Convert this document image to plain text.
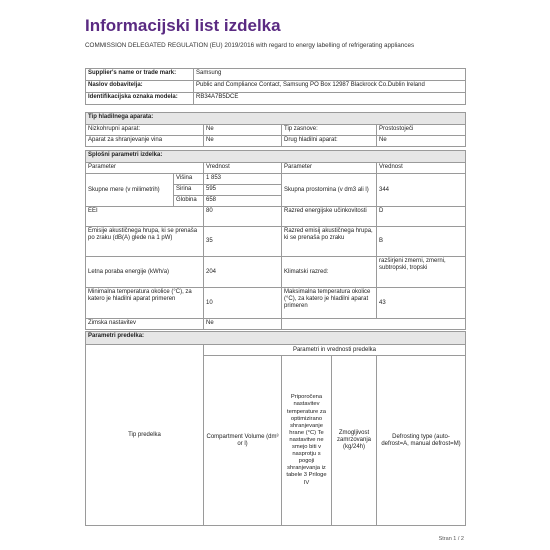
Informacijski list izdelka
COMMISSION DELEGATED REGULATION (EU) 2019/2016 with regard to energy labelling of refrigerating appliances
Supplier's name or trade mark:	Samsung
Naslov dobavitelja:	Public and Compliance Contact, Samsung PO Box 12987 Blackrock Co.Dublin Ireland
Identifikacijska oznaka modela:	RB34A7B5DCE
Tip hladilnega aparata:			
Nizkohrupni aparat:	Ne	Tip zasnove:	Prostostoječi
Aparat za shranjevanje vina	Ne	Drug hladilni aparat:	Ne
Splošni parametri izdelka:				
Parameter		Vrednost	Parameter	Vrednost
Skupne mere (v milimetrih)	Višina	1 853	Skupna prostornina (v dm3 ali l)	344
	Širina	595		
	Globina	658		
EEI		80	Razred energijske učinkovitosti	D
Emisije akustičnega hrupa, ki se prenaša po zraku (dB(A) glede na 1 pW)		35	Razred emisij akustičnega hrupa, ki se prenaša po zraku	B
Letna poraba energije (kWh/a)		204	Klimatski razred:	razširjeni zmerni, zmerni, subtropski, tropski
Minimalna temperatura okolice (°C), za katero je hladilni aparat primeren		10	Maksimalna temperatura okolice (°C), za katero je hladilni aparat primeren	43
Zimska nastavitev		Ne		
Parametri predelka:				
Tip predelka	Parametri in vrednosti predelka			
	Compartment Volume (dm³ or l)	Priporočena nastavitev temperature za optimizirano shranjevanje hrane (°C) Te nastavitve ne smejo biti v nasprotju s pogoji shranjevanja iz tabele 3 Priloge IV	Zmogljivost zamrzovanja (kg/24h)	Defrosting type (auto-defrost=A, manual defrost=M)
Stran 1 / 2
